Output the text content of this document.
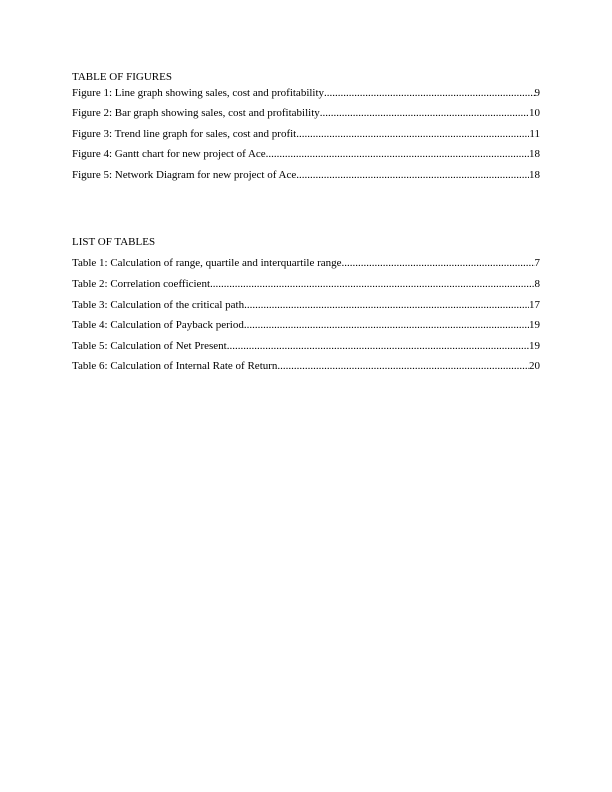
TABLE OF FIGURES
Figure 1: Line graph showing sales, cost and profitability .....	9
Figure 2: Bar graph showing sales, cost and profitability .....	10
Figure 3: Trend line graph for sales, cost and profit .....	11
Figure 4: Gantt chart for new project of Ace .....	18
Figure 5: Network Diagram for new project of Ace .....	18
LIST OF TABLES
Table 1: Calculation of range, quartile and interquartile range .....	7
Table 2: Correlation coefficient .....	8
Table 3: Calculation of the critical path .....	17
Table 4: Calculation of Payback period .....	19
Table 5: Calculation of Net Present .....	19
Table 6: Calculation of Internal Rate of Return .....	20
